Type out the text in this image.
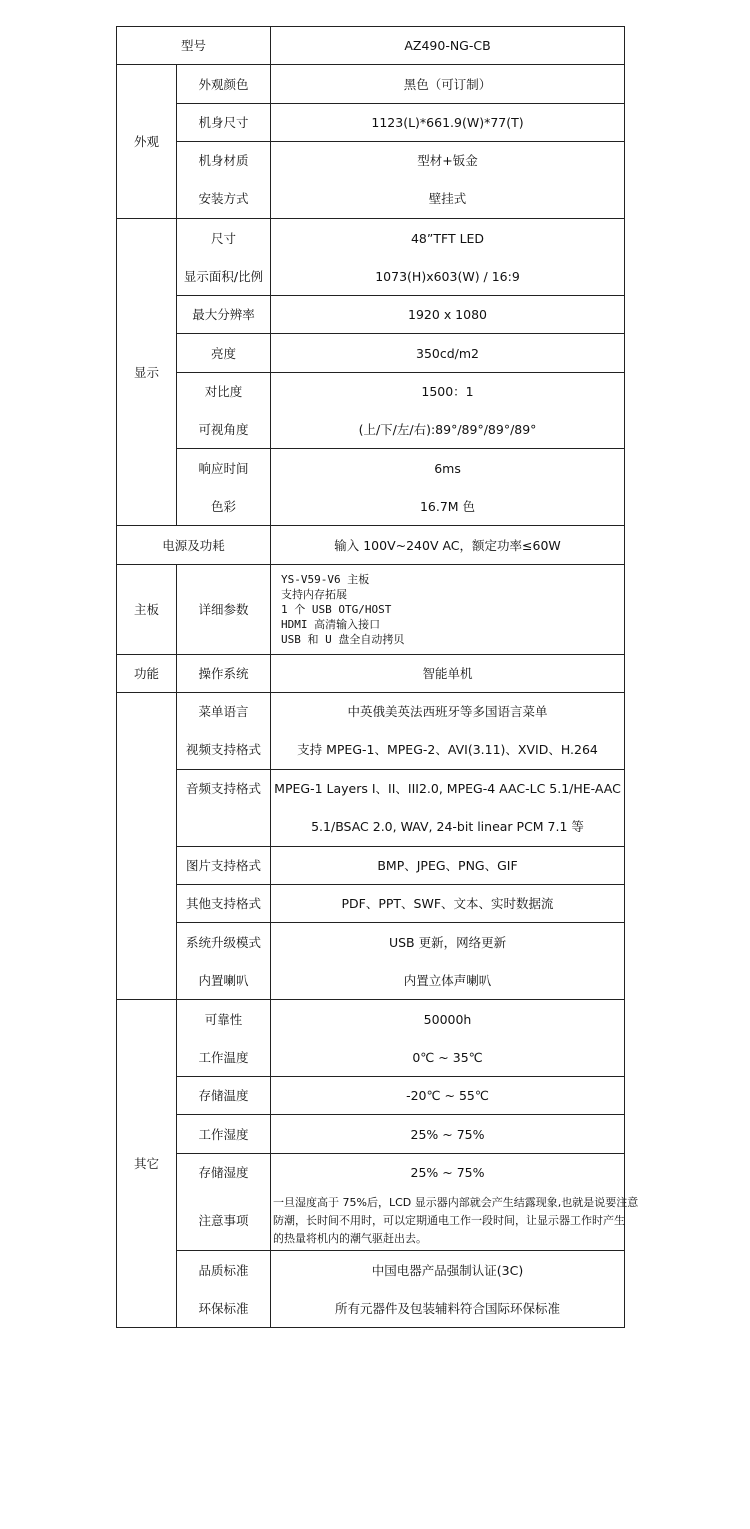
型号		AZ490-NG-CB
外观	外观颜色	黑色（可订制）
	机身尺寸	1123(L)*661.9(W)*77(T)
	机身材质	型材+钣金
	安装方式	壁挂式
显示	尺寸	48”TFT LED
	显示面积/比例	1073(H)x603(W) / 16:9
	最大分辨率	1920 x 1080
	亮度	350cd/m2
	对比度	1500：1
	可视角度	(上/下/左/右):89°/89°/89°/89°
	响应时间	6ms
	色彩	16.7M 色
电源及功耗		输入 100V~240V AC，额定功率≤60W
主板	详细参数	YS-V59-V6 主板
支持内存拓展
1 个 USB OTG/HOST
HDMI 高清输入接口
USB 和 U 盘全自动拷贝

功能	操作系统	智能单机
	菜单语言	中英俄美英法西班牙等多国语言菜单
	视频支持格式	支持 MPEG-1、MPEG-2、AVI(3.11)、XVID、H.264
	音频支持格式	MPEG-1 Layers I、II、III2.0, MPEG-4 AAC-LC 5.1/HE-AAC
		5.1/BSAC 2.0, WAV, 24-bit linear PCM 7.1 等
	图片支持格式	BMP、JPEG、PNG、GIF
	其他支持格式	PDF、PPT、SWF、文本、实时数据流
	系统升级模式	USB 更新，网络更新
	内置喇叭	内置立体声喇叭
其它	可靠性	50000h
	工作温度	0℃ ~ 35℃
	存储温度	-20℃ ~ 55℃
	工作湿度	25% ~ 75%
	存储湿度	25% ~ 75%
	注意事项	一旦湿度高于 75%后，LCD 显示器内部就会产生结露现象,也就是说要注意
防潮，长时间不用时，可以定期通电工作一段时间，让显示器工作时产生
的热量将机内的潮气驱赶出去。

	品质标准	中国电器产品强制认证(3C)
	环保标准	所有元器件及包装辅料符合国际环保标准
